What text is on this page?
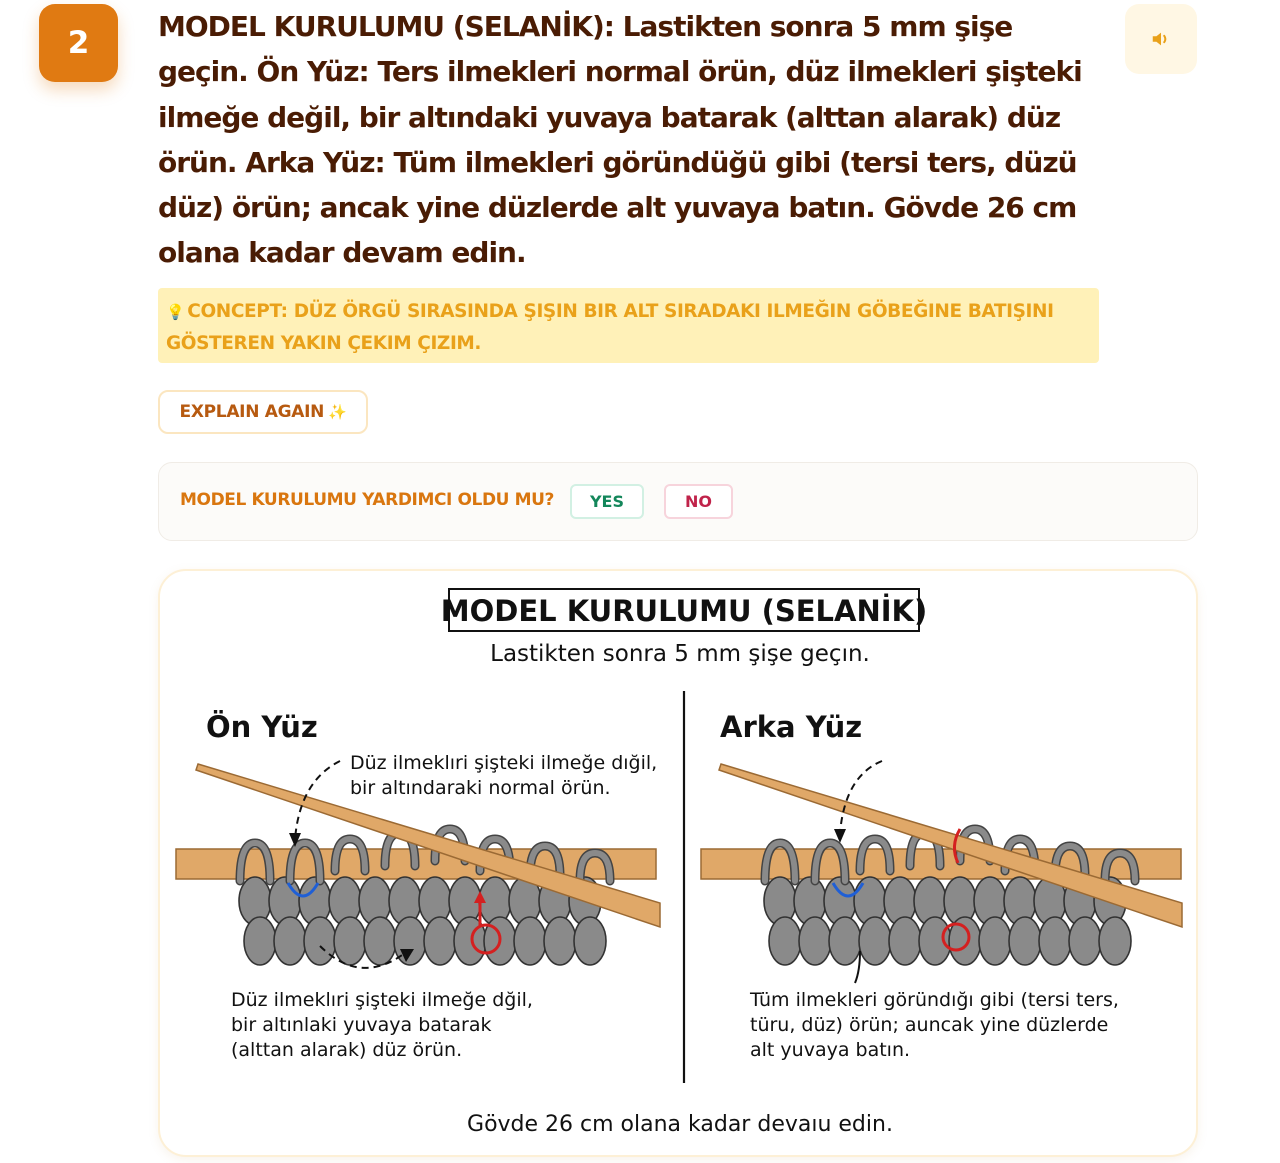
2 MODEL KURULUMU (SELANİK): Lastikten sonra 5 mm şişe geçin. Ön Yüz: Ters ilmekleri normal örün, düz ilmekleri şişteki ilmeğe değil, bir altındaki yuvaya batarak (alttan alarak) düz örün. Arka Yüz: Tüm ilmekleri göründüğü gibi (tersi ters, düzü düz) örün; ancak yine düzlerde alt yuvaya batın. Gövde 26 cm olana kadar devam edin.

💡 CONCEPT: DÜZ ÖRGÜ SIRASINDA ŞIŞIN BIR ALT SIRADAKI ILMEĞIN GÖBEĞINE BATIŞINI GÖSTEREN YAKIN ÇEKIM ÇIZIM.
EXPLAIN AGAIN ✨
MODEL KURULUMU YARDIMCI OLDU MU? YES	NO
MODEL KURULUMU (SELANİK)
Lastikten sonra 5 mm şişe geçın.
Ön Yüz	Arka Yüz
Düz ilmeklıri şişteki ilmeğe dığil,
bir altındaraki normal örün.
Düz ilmeklıri şişteki ilmeğe dğil,
bir altınlaki yuvaya batarak
(alttan alarak) düz örün.
Tüm ilmekleri göründığı gibi (tersi ters,
türu, düz) örün; auncak yine düzlerde
alt yuvaya batın.
Gövde 26 cm olana kadar devaıu edin.
